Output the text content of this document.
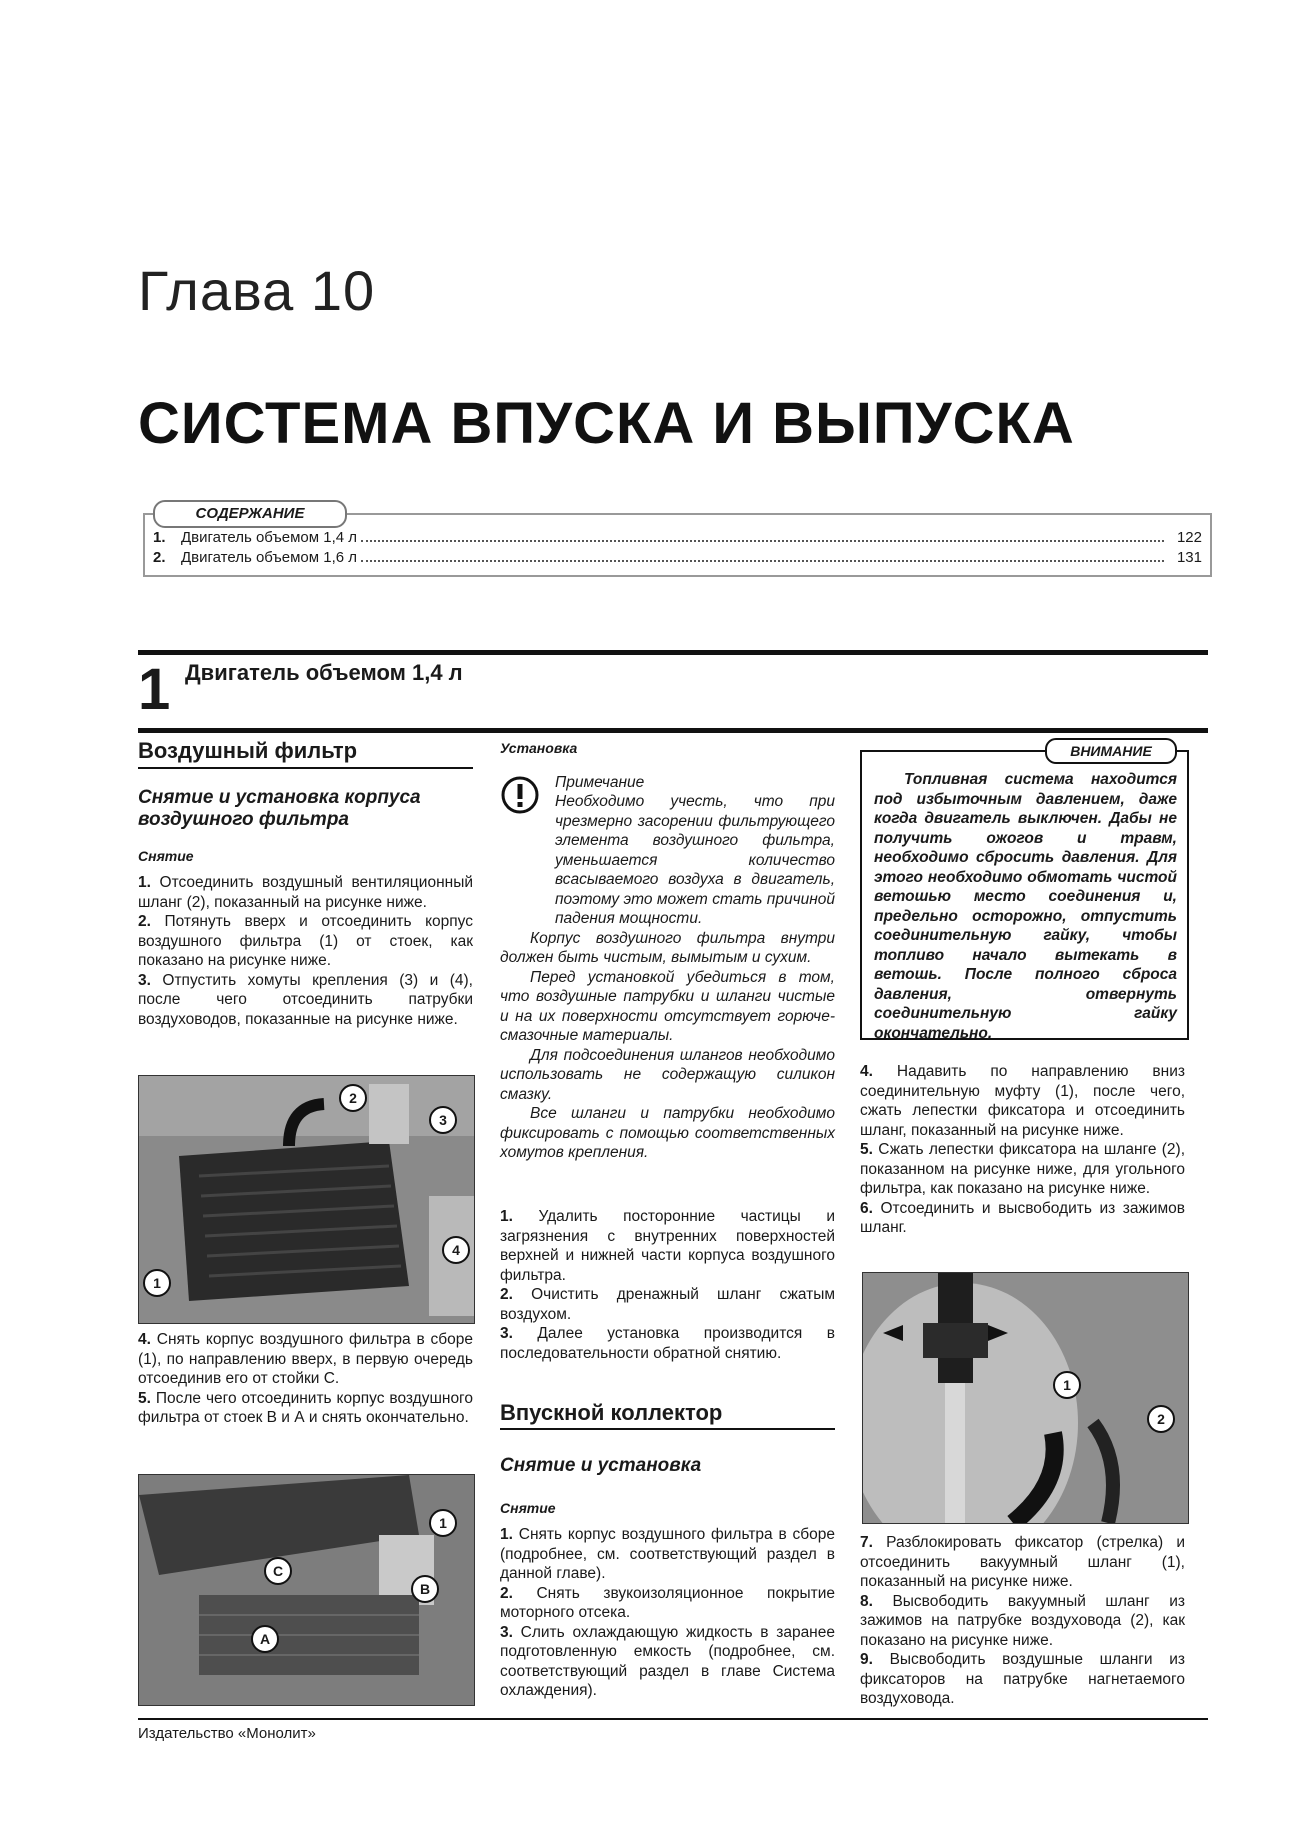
Глава 10
СИСТЕМА ВПУСКА И ВЫПУСКА
1.	Двигатель объемом 1,4 л	122
2.	Двигатель объемом 1,6 л	131
СОДЕРЖАНИЕ
1 Двигатель объемом 1,4 л
Воздушный фильтр
Снятие и установка корпуса воздушного фильтра
Снятие

1. Отсоединить воздушный вентиляционный шланг (2), показанный на рисунке ниже.

2. Потянуть вверх и отсоединить корпус воздушного фильтра (1) от стоек, как показано на рисунке ниже.

3. Отпустить хомуты крепления (3) и (4), после чего отсоединить патрубки воздуховодов, показанные на рисунке ниже.

2
3
4
1

4. Снять корпус воздушного фильтра в сборе (1), по направлению вверх, в первую очередь отсоединив его от стойки С.

5. После чего отсоединить корпус воздушного фильтра от стоек В и А и снять окончательно.

1
C
B
A
Установка
Примечание

Необходимо учесть, что при чрезмерно засорении фильтрующего элемента воздушного фильтра, уменьшается количество всасываемого воздуха в двигатель, поэтому это может стать причиной падения мощности.

Корпус воздушного фильтра внутри должен быть чистым, вымытым и сухим.

Перед установкой убедиться в том, что воздушные патрубки и шланги чистые и на их поверхности отсутствует горюче-смазочные материалы.

Для подсоединения шлангов необходимо использовать не содержащую силикон смазку.

Все шланги и патрубки необходимо фиксировать с помощью соответственных хомутов крепления.

1. Удалить посторонние частицы и загрязнения с внутренних поверхностей верхней и нижней части корпуса воздушного фильтра.

2. Очистить дренажный шланг сжатым воздухом.

3. Далее установка производится в последовательности обратной снятию.

Впускной коллектор
Снятие и установка
Снятие

1. Снять корпус воздушного фильтра в сборе (подробнее, см. соответствующий раздел в данной главе).

2. Снять звукоизоляционное покрытие моторного отсека.

3. Слить охлаждающую жидкость в заранее подготовленную емкость (подробнее, см. соответствующий раздел в главе Система охлаждения).

Топливная система находится под избыточным давлением, даже когда двигатель выключен. Дабы не получить ожогов и травм, необходимо сбросить давления. Для этого необходимо обмотать чистой ветошью место соединения и, предельно осторожно, отпустить соединительную гайку, чтобы топливо начало вытекать в ветошь. После полного сброса давления, отвернуть соединительную гайку окончательно.
ВНИМАНИЕ

4. Надавить по направлению вниз соединительную муфту (1), после чего, сжать лепестки фиксатора и отсоединить шланг, показанный на рисунке ниже.

5. Сжать лепестки фиксатора на шланге (2), показанном на рисунке ниже, для угольного фильтра, как показано на рисунке ниже.

6. Отсоединить и высвободить из зажимов шланг.

1
2

7. Разблокировать фиксатор (стрелка) и отсоединить вакуумный шланг (1), показанный на рисунке ниже.

8. Высвободить вакуумный шланг из зажимов на патрубке воздуховода (2), как показано на рисунке ниже.

9. Высвободить воздушные шланги из фиксаторов на патрубке нагнетаемого воздуховода.

Издательство «Монолит»
